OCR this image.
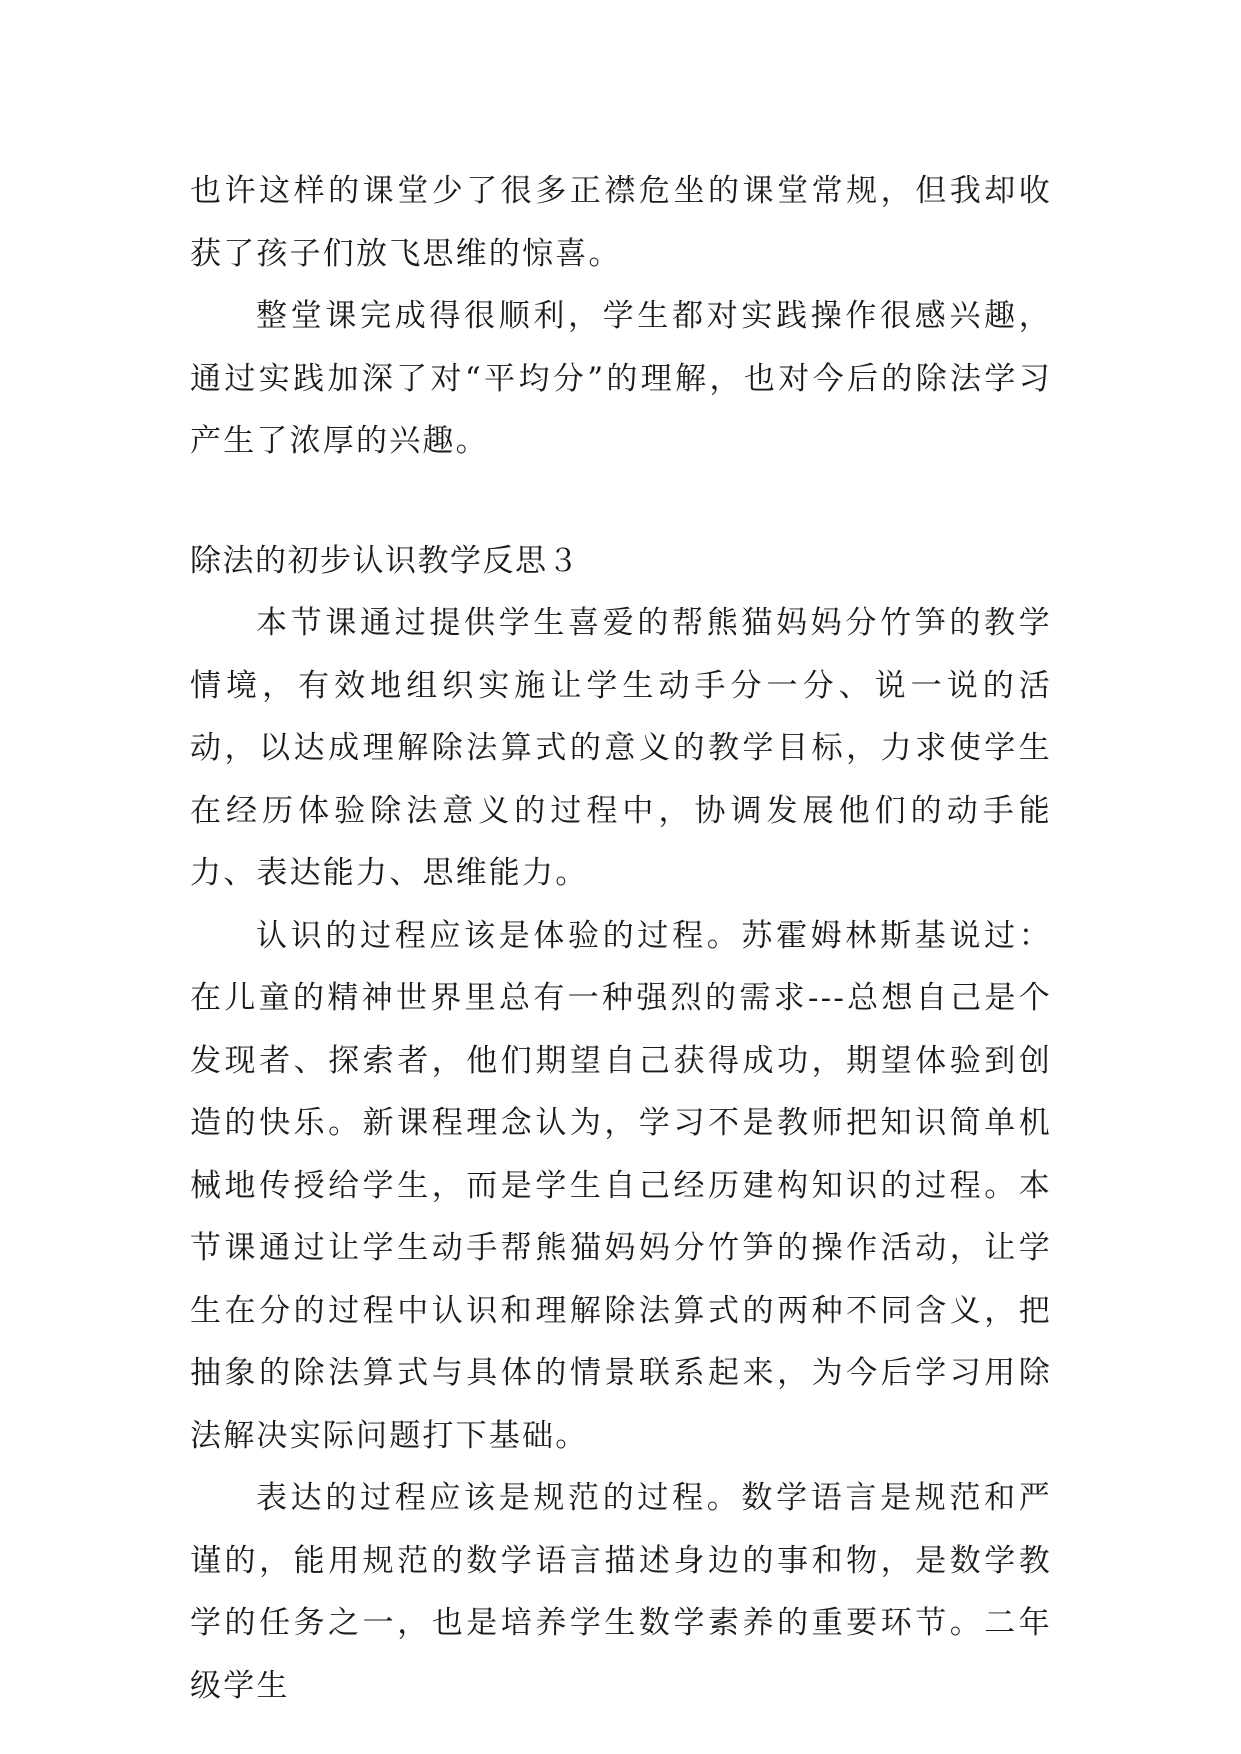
也许这样的课堂少了很多正襟危坐的课堂常规，但我却收获了孩子们放飞思维的惊喜。

整堂课完成得很顺利，学生都对实践操作很感兴趣，通过实践加深了对“平均分”的理解，也对今后的除法学习产生了浓厚的兴趣。

除法的初步认识教学反思３

本节课通过提供学生喜爱的帮熊猫妈妈分竹笋的教学情境，有效地组织实施让学生动手分一分、说一说的活动，以达成理解除法算式的意义的教学目标，力求使学生在经历体验除法意义的过程中，协调发展他们的动手能力、表达能力、思维能力。

认识的过程应该是体验的过程。苏霍姆林斯基说过：在儿童的精神世界里总有一种强烈的需求---总想自己是个发现者、探索者，他们期望自己获得成功，期望体验到创造的快乐。新课程理念认为，学习不是教师把知识简单机械地传授给学生，而是学生自己经历建构知识的过程。本节课通过让学生动手帮熊猫妈妈分竹笋的操作活动，让学生在分的过程中认识和理解除法算式的两种不同含义，把抽象的除法算式与具体的情景联系起来，为今后学习用除法解决实际问题打下基础。

表达的过程应该是规范的过程。数学语言是规范和严谨的，能用规范的数学语言描述身边的事和物，是数学教学的任务之一，也是培养学生数学素养的重要环节。二年级学生
